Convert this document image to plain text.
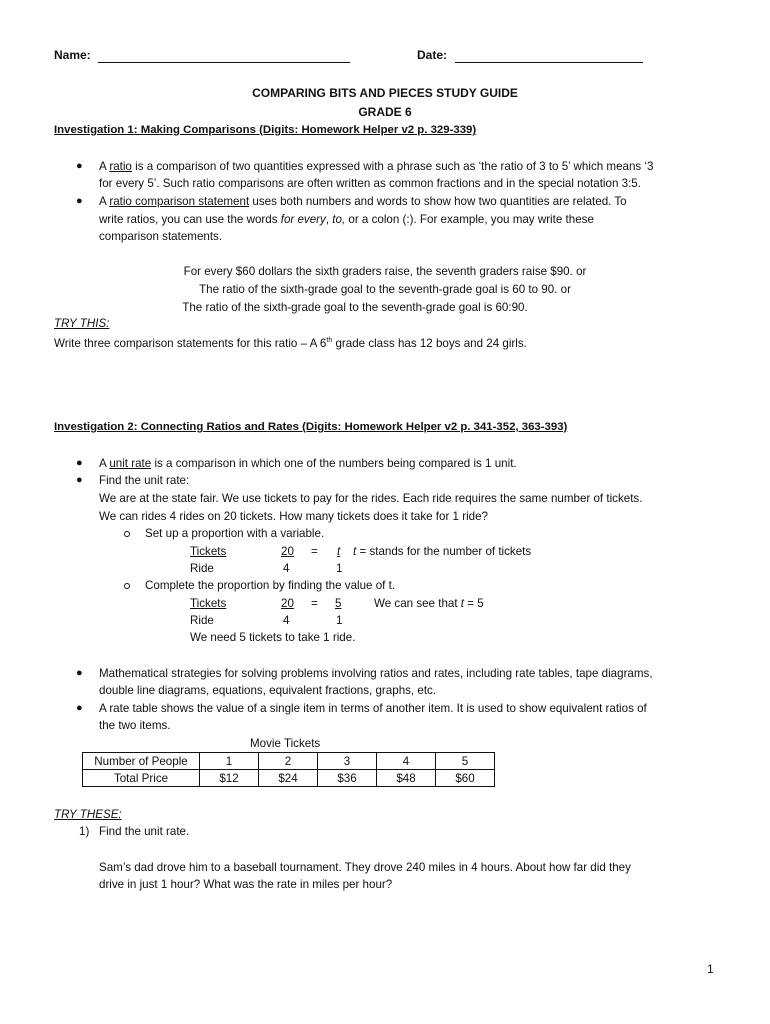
Name:	Date:
COMPARING BITS AND PIECES STUDY GUIDE
GRADE 6
Investigation 1: Making Comparisons (Digits: Homework Helper v2 p. 329-339)
● A ratio is a comparison of two quantities expressed with a phrase such as ‘the ratio of 3 to 5’ which means ‘3
for every 5’. Such ratio comparisons are often written as common fractions and in the special notation 3:5.
● A ratio comparison statement uses both numbers and words to show how two quantities are related. To
write ratios, you can use the words for every, to, or a colon (:). For example, you may write these
comparison statements.
For every $60 dollars the sixth graders raise, the seventh graders raise $90. or
The ratio of the sixth-grade goal to the seventh-grade goal is 60 to 90. or
The ratio of the sixth-grade goal to the seventh-grade goal is 60:90.
TRY THIS:
Write three comparison statements for this ratio – A 6th grade class has 12 boys and 24 girls.
Investigation 2: Connecting Ratios and Rates (Digits: Homework Helper v2 p. 341-352, 363-393)
● A unit rate is a comparison in which one of the numbers being compared is 1 unit.
● Find the unit rate:
We are at the state fair. We use tickets to pay for the rides. Each ride requires the same number of tickets.
We can rides 4 rides on 20 tickets. How many tickets does it take for 1 ride?
Set up a proportion with a variable.
Tickets	20 = t t = stands for the number of tickets
Ride	4	1
Complete the proportion by finding the value of t.
Tickets	20 = 5	We can see that t = 5
Ride	4	1
We need 5 tickets to take 1 ride.
● Mathematical strategies for solving problems involving ratios and rates, including rate tables, tape diagrams,
double line diagrams, equations, equivalent fractions, graphs, etc.
● A rate table shows the value of a single item in terms of another item. It is used to show equivalent ratios of
the two items.
Movie Tickets
Number of People	1	2	3	4	5
Total Price	$12	$24	$36	$48	$60
TRY THESE:
1) Find the unit rate.
Sam’s dad drove him to a baseball tournament. They drove 240 miles in 4 hours. About how far did they
drive in just 1 hour? What was the rate in miles per hour?
1
